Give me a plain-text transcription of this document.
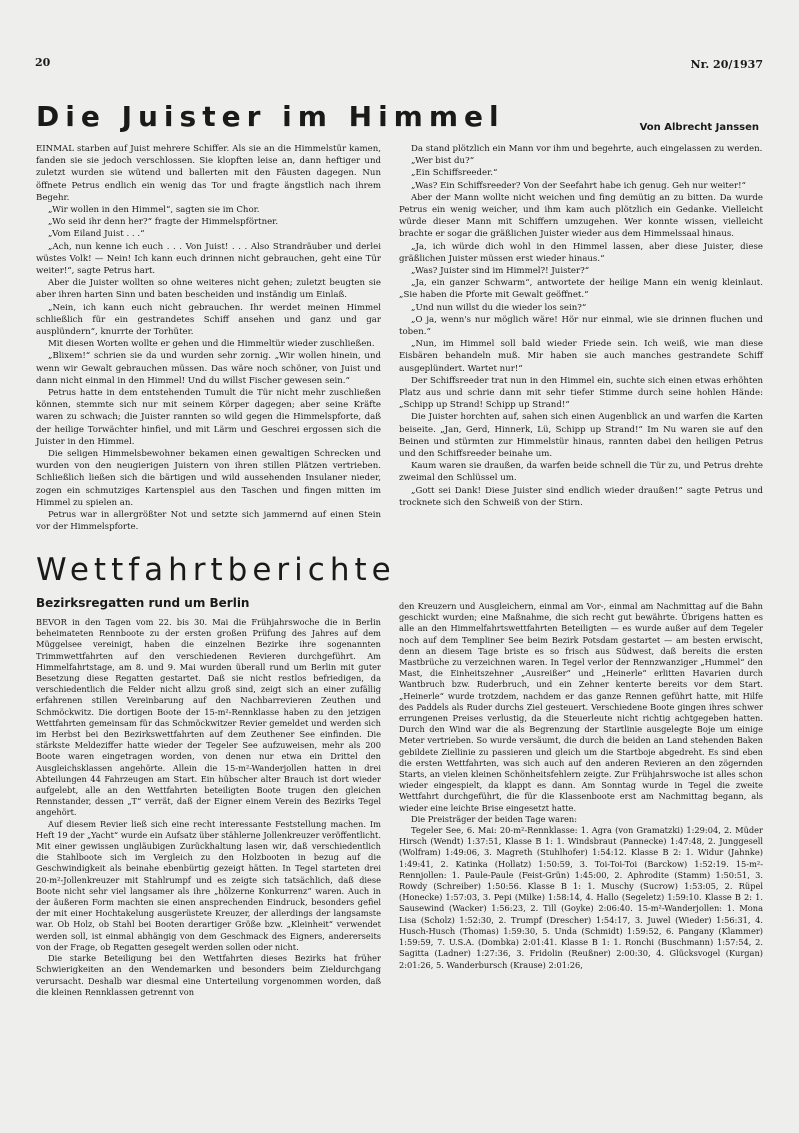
20	Nr. 20/1937
Die Juister im Himmel	Von Albrecht Janssen

EINMAL starben auf Juist mehrere Schiffer. Als sie an die Himmelstür kamen, fanden sie sie jedoch verschlossen. Sie klopften leise an, dann heftiger und zuletzt wurden sie wütend und ballerten mit den Fäusten dagegen. Nun öffnete Petrus endlich ein wenig das Tor und fragte ängstlich nach ihrem Begehr.

„Wir wollen in den Himmel“, sagten sie im Chor.

„Wo seid ihr denn her?“ fragte der Himmelspförtner.

„Vom Eiland Juist . . .“

„Ach, nun kenne ich euch . . . Von Juist! . . . Also Strandräuber und derlei wüstes Volk! — Nein! Ich kann euch drinnen nicht gebrauchen, geht eine Tür weiter!“, sagte Petrus hart.

Aber die Juister wollten so ohne weiteres nicht gehen; zuletzt beugten sie aber ihren harten Sinn und baten bescheiden und inständig um Einlaß.

„Nein, ich kann euch nicht gebrauchen. Ihr werdet meinen Himmel schließlich für ein gestrandetes Schiff ansehen und ganz und gar ausplündern“, knurrte der Torhüter.

Mit diesen Worten wollte er gehen und die Himmeltür wieder zuschließen.

„Blixem!“ schrien sie da und wurden sehr zornig. „Wir wollen hinein, und wenn wir Gewalt gebrauchen müssen. Das wäre noch schöner, von Juist und dann nicht einmal in den Himmel! Und du willst Fischer gewesen sein.“

Petrus hatte in dem entstehenden Tumult die Tür nicht mehr zuschließen können, stemmte sich nur mit seinem Körper dagegen; aber seine Kräfte waren zu schwach; die Juister rannten so wild gegen die Himmelspforte, daß der heilige Torwächter hinfiel, und mit Lärm und Geschrei ergossen sich die Juister in den Himmel.

Die seligen Himmelsbewohner bekamen einen gewaltigen Schrecken und wurden von den neugierigen Juistern von ihren stillen Plätzen vertrieben. Schließlich ließen sich die bärtigen und wild aussehenden Insulaner nieder, zogen ein schmutziges Kartenspiel aus den Taschen und fingen mitten im Himmel zu spielen an.

Petrus war in allergrößter Not und setzte sich jammernd auf einen Stein vor der Himmelspforte.

Da stand plötzlich ein Mann vor ihm und begehrte, auch eingelassen zu werden.

„Wer bist du?“

„Ein Schiffsreeder.“

„Was? Ein Schiffsreeder? Von der Seefahrt habe ich genug. Geh nur weiter!“

Aber der Mann wollte nicht weichen und fing demütig an zu bitten. Da wurde Petrus ein wenig weicher, und ihm kam auch plötzlich ein Gedanke. Vielleicht würde dieser Mann mit Schiffern umzugehen. Wer konnte wissen, vielleicht brachte er sogar die gräßlichen Juister wieder aus dem Himmelssaal hinaus.

„Ja, ich würde dich wohl in den Himmel lassen, aber diese Juister, diese gräßlichen Juister müssen erst wieder hinaus.“

„Was? Juister sind im Himmel?! Juister?“

„Ja, ein ganzer Schwarm“, antwortete der heilige Mann ein wenig kleinlaut. „Sie haben die Pforte mit Gewalt geöffnet.“

„Und nun willst du die wieder los sein?“

„O ja, wenn's nur möglich wäre! Hör nur einmal, wie sie drinnen fluchen und toben.“

„Nun, im Himmel soll bald wieder Friede sein. Ich weiß, wie man diese Eisbären behandeln muß. Mir haben sie auch manches gestrandete Schiff ausgeplündert. Wartet nur!“

Der Schiffsreeder trat nun in den Himmel ein, suchte sich einen etwas erhöhten Platz aus und schrie dann mit sehr tiefer Stimme durch seine hohlen Hände: „Schipp up Strand! Schipp up Strand!“

Die Juister horchten auf, sahen sich einen Augenblick an und warfen die Karten beiseite. „Jan, Gerd, Hinnerk, Lü, Schipp up Strand!“ Im Nu waren sie auf den Beinen und stürmten zur Himmelstür hinaus, rannten dabei den heiligen Petrus und den Schiffsreeder beinahe um.

Kaum waren sie draußen, da warfen beide schnell die Tür zu, und Petrus drehte zweimal den Schlüssel um.

„Gott sei Dank! Diese Juister sind endlich wieder draußen!“ sagte Petrus und trocknete sich den Schweiß von der Stirn.

Wettfahrtberichte
Bezirksregatten rund um Berlin

BEVOR in den Tagen vom 22. bis 30. Mai die Frühjahrswoche die in Berlin beheimateten Rennboote zu der ersten großen Prüfung des Jahres auf dem Müggelsee vereinigt, haben die einzelnen Bezirke ihre sogenannten Trimmwettfahrten auf den verschiedenen Revieren durchgeführt. Am Himmelfahrtstage, am 8. und 9. Mai wurden überall rund um Berlin mit guter Besetzung diese Regatten gestartet. Daß sie nicht restlos befriedigen, da verschiedentlich die Felder nicht allzu groß sind, zeigt sich an einer zufällig erfahrenen stillen Vereinbarung auf den Nachbarrevieren Zeuthen und Schmöckwitz. Die dortigen Boote der 15-m²-Rennklasse haben zu den jetzigen Wettfahrten gemeinsam für das Schmöckwitzer Revier gemeldet und werden sich im Herbst bei den Bezirkswettfahrten auf dem Zeuthener See einfinden. Die stärkste Meldeziffer hatte wieder der Tegeler See aufzuweisen, mehr als 200 Boote waren eingetragen worden, von denen nur etwa ein Drittel den Ausgleichsklassen angehörte. Allein die 15-m²-Wanderjollen hatten in drei Abteilungen 44 Fahrzeugen am Start. Ein hübscher alter Brauch ist dort wieder aufgelebt, alle an den Wettfahrten beteiligten Boote trugen den gleichen Rennstander, dessen „T“ verrät, daß der Eigner einem Verein des Bezirks Tegel angehört.

Auf diesem Revier ließ sich eine recht interessante Feststellung machen. Im Heft 19 der „Yacht“ wurde ein Aufsatz über stählerne Jollenkreuzer veröffentlicht. Mit einer gewissen ungläubigen Zurückhaltung lasen wir, daß verschiedentlich die Stahlboote sich im Vergleich zu den Holzbooten in bezug auf die Geschwindigkeit als beinahe ebenbürtig gezeigt hätten. In Tegel starteten drei 20-m²-Jollenkreuzer mit Stahlrumpf und es zeigte sich tatsächlich, daß diese Boote nicht sehr viel langsamer als ihre „hölzerne Konkurrenz“ waren. Auch in der äußeren Form machten sie einen ansprechenden Eindruck, besonders gefiel der mit einer Hochtakelung ausgerüstete Kreuzer, der allerdings der langsamste war. Ob Holz, ob Stahl bei Booten derartiger Größe bzw. „Kleinheit“ verwendet werden soll, ist einmal abhängig von dem Geschmack des Eigners, andererseits von der Frage, ob Regatten gesegelt werden sollen oder nicht.

Die starke Beteiligung bei den Wettfahrten dieses Bezirks hat früher Schwierigkeiten an den Wendemarken und besonders beim Zieldurchgang verursacht. Deshalb war diesmal eine Unterteilung vorgenommen worden, daß die kleinen Rennklassen getrennt von

den Kreuzern und Ausgleichern, einmal am Vor-, einmal am Nachmittag auf die Bahn geschickt wurden; eine Maßnahme, die sich recht gut bewährte. Übrigens hatten es alle an den Himmelfahrtswettfahrten Beteiligten — es wurde außer auf dem Tegeler noch auf dem Templiner See beim Bezirk Potsdam gestartet — am besten erwischt, denn an diesem Tage briste es so frisch aus Südwest, daß bereits die ersten Mastbrüche zu verzeichnen waren. In Tegel verlor der Rennzwanziger „Hummel“ den Mast, die Einheitszehner „Ausreißer“ und „Heinerle“ erlitten Havarien durch Wantbruch bzw. Ruderbruch, und ein Zehner kenterte bereits vor dem Start. „Heinerle“ wurde trotzdem, nachdem er das ganze Rennen geführt hatte, mit Hilfe des Paddels als Ruder durchs Ziel gesteuert. Verschiedene Boote gingen ihres schwer errungenen Preises verlustig, da die Steuerleute nicht richtig achtgegeben hatten. Durch den Wind war die als Begrenzung der Startlinie ausgelegte Boje um einige Meter vertrieben. So wurde versäumt, die durch die beiden an Land stehenden Baken gebildete Ziellinie zu passieren und gleich um die Startboje abgedreht. Es sind eben die ersten Wettfahrten, was sich auch auf den anderen Revieren an den zögernden Starts, an vielen kleinen Schönheitsfehlern zeigte. Zur Frühjahrswoche ist alles schon wieder eingespielt, da klappt es dann. Am Sonntag wurde in Tegel die zweite Wettfahrt durchgeführt, die für die Klassenboote erst am Nachmittag begann, als wieder eine leichte Brise eingesetzt hatte.

Die Preisträger der beiden Tage waren:

Tegeler See, 6. Mai: 20-m²-Rennklasse: 1. Agra (von Gramatzki) 1:29:04, 2. Müder Hirsch (Wendt) 1:37:51, Klasse B 1: 1. Windsbraut (Pannecke) 1:47:48, 2. Junggesell (Wolfram) 1:49:06, 3. Magreth (Stuhlhofer) 1:54:12. Klasse B 2: 1. Widur (Jahnke) 1:49:41, 2. Katinka (Hollatz) 1:50:59, 3. Toi-Toi-Toi (Barckow) 1:52:19. 15-m²-Rennjollen: 1. Paule-Paule (Feist-Grün) 1:45:00, 2. Aphrodite (Stamm) 1:50:51, 3. Rowdy (Schreiber) 1:50:56. Klasse B 1: 1. Muschy (Sucrow) 1:53:05, 2. Rüpel (Honecke) 1:57:03, 3. Pepi (Milke) 1:58:14, 4. Hallo (Segeletz) 1:59:10. Klasse B 2: 1. Sausewind (Wacker) 1:56:23, 2. Till (Goyke) 2:06:40. 15-m²-Wanderjollen: 1. Mona Lisa (Scholz) 1:52:30, 2. Trumpf (Drescher) 1:54:17, 3. Juwel (Wieder) 1:56:31, 4. Husch-Husch (Thomas) 1:59:30, 5. Unda (Schmidt) 1:59:52, 6. Pangany (Klammer) 1:59:59, 7. U.S.A. (Dombka) 2:01:41. Klasse B 1: 1. Ronchi (Buschmann) 1:57:54, 2. Sagitta (Ladner) 1:27:36, 3. Fridolin (Reußner) 2:00:30, 4. Glücksvogel (Kurgan) 2:01:26, 5. Wanderbursch (Krause) 2:01:26,
